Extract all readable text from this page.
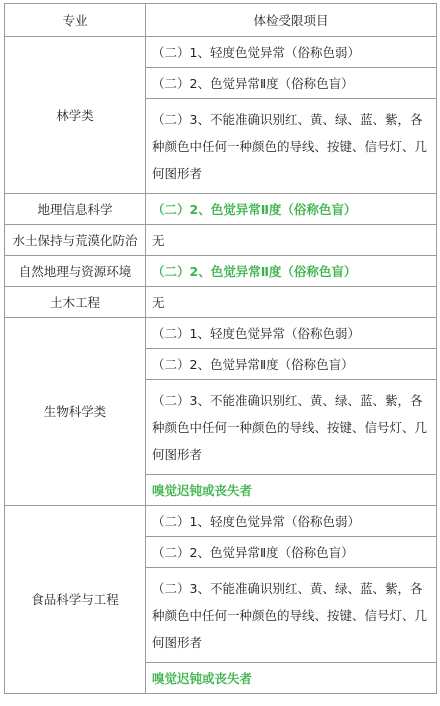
专业	体检受限项目
林学类	（二）1、轻度色觉异常（俗称色弱）
	（二）2、色觉异常Ⅱ度（俗称色盲）
	（二）3、不能准确识别红、黄、绿、蓝、紫，各种颜色中任何一种颜色的导线、按键、信号灯、几何图形者
地理信息科学	（二）2、色觉异常Ⅱ度（俗称色盲）
水土保持与荒漠化防治	无
自然地理与资源环境	（二）2、色觉异常Ⅱ度（俗称色盲）
土木工程	无
生物科学类	（二）1、轻度色觉异常（俗称色弱）
	（二）2、色觉异常Ⅱ度（俗称色盲）
	（二）3、不能准确识别红、黄、绿、蓝、紫，各种颜色中任何一种颜色的导线、按键、信号灯、几何图形者
	嗅觉迟钝或丧失者
食品科学与工程	（二）1、轻度色觉异常（俗称色弱）
	（二）2、色觉异常Ⅱ度（俗称色盲）
	（二）3、不能准确识别红、黄、绿、蓝、紫，各种颜色中任何一种颜色的导线、按键、信号灯、几何图形者
	嗅觉迟钝或丧失者
